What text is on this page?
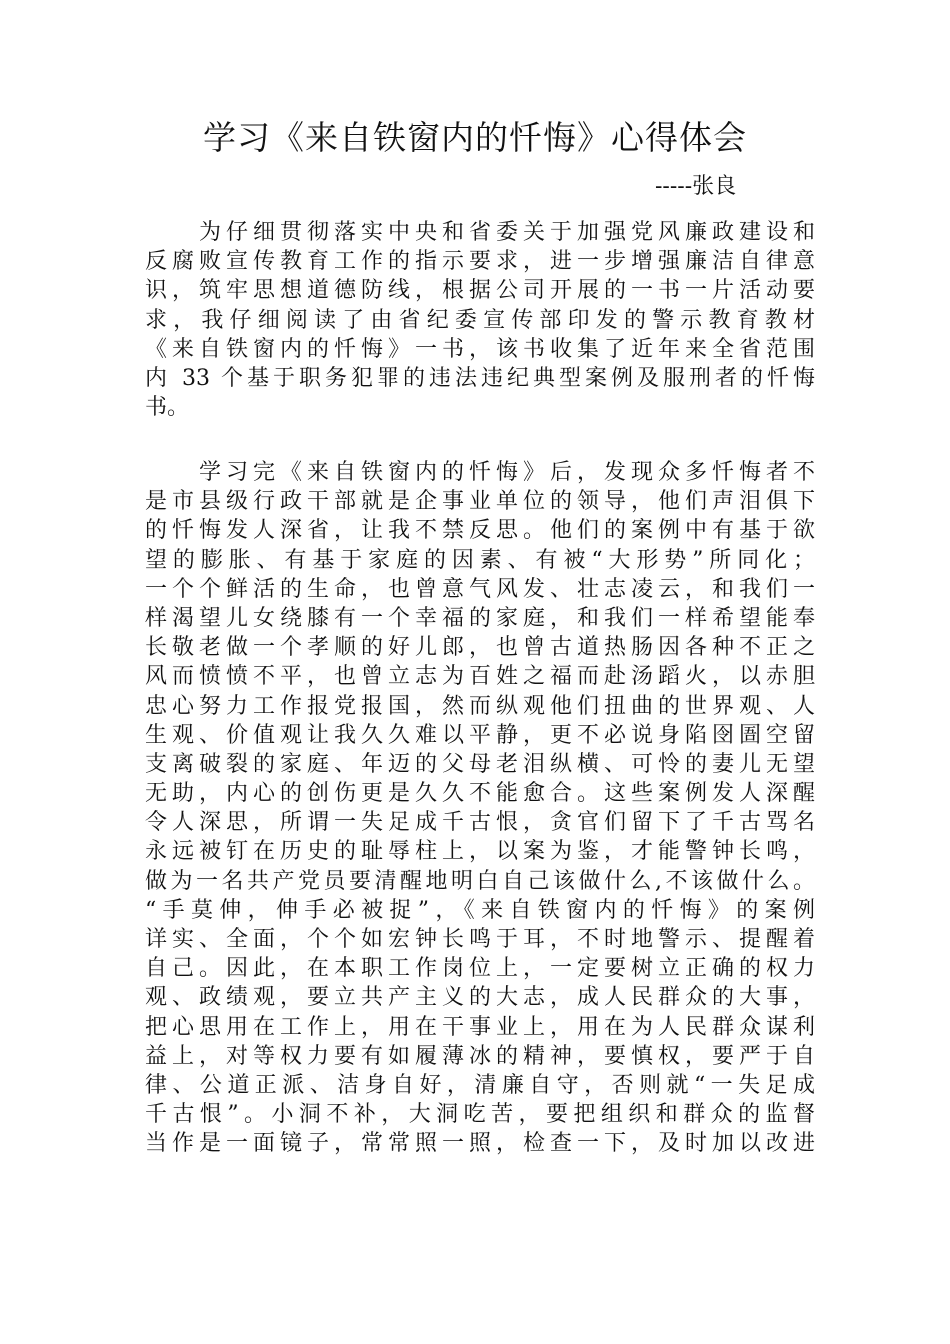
学习《来自铁窗内的忏悔》心得体会
-----张良
为仔细贯彻落实中央和省委关于加强党风廉政建设和
反腐败宣传教育工作的指示要求，进一步增强廉洁自律意
识，筑牢思想道德防线，根据公司开展的一书一片活动要
求，我仔细阅读了由省纪委宣传部印发的警示教育教材
《来自铁窗内的忏悔》一书，该书收集了近年来全省范围
内 33 个基于职务犯罪的违法违纪典型案例及服刑者的忏悔
书。
学习完《来自铁窗内的忏悔》后，发现众多忏悔者不
是市县级行政干部就是企事业单位的领导，他们声泪俱下
的忏悔发人深省，让我不禁反思。他们的案例中有基于欲
望的膨胀、有基于家庭的因素、有被“大形势”所同化；
一个个鲜活的生命，也曾意气风发、壮志凌云，和我们一
样渴望儿女绕膝有一个幸福的家庭，和我们一样希望能奉
长敬老做一个孝顺的好儿郎，也曾古道热肠因各种不正之
风而愤愤不平，也曾立志为百姓之福而赴汤蹈火，以赤胆
忠心努力工作报党报国，然而纵观他们扭曲的世界观、人
生观、价值观让我久久难以平静，更不必说身陷囹圄空留
支离破裂的家庭、年迈的父母老泪纵横、可怜的妻儿无望
无助，内心的创伤更是久久不能愈合。这些案例发人深醒
令人深思，所谓一失足成千古恨，贪官们留下了千古骂名
永远被钉在历史的耻辱柱上，以案为鉴，才能警钟长鸣，
做为一名共产党员要清醒地明白自己该做什么,不该做什么。
“手莫伸，伸手必被捉”，《来自铁窗内的忏悔》的案例
详实、全面，个个如宏钟长鸣于耳，不时地警示、提醒着
自己。因此，在本职工作岗位上，一定要树立正确的权力
观、政绩观，要立共产主义的大志，成人民群众的大事，
把心思用在工作上，用在干事业上，用在为人民群众谋利
益上，对等权力要有如履薄冰的精神，要慎权，要严于自
律、公道正派、洁身自好，清廉自守，否则就“一失足成
千古恨”。小洞不补，大洞吃苦，要把组织和群众的监督
当作是一面镜子，常常照一照，检查一下，及时加以改进
